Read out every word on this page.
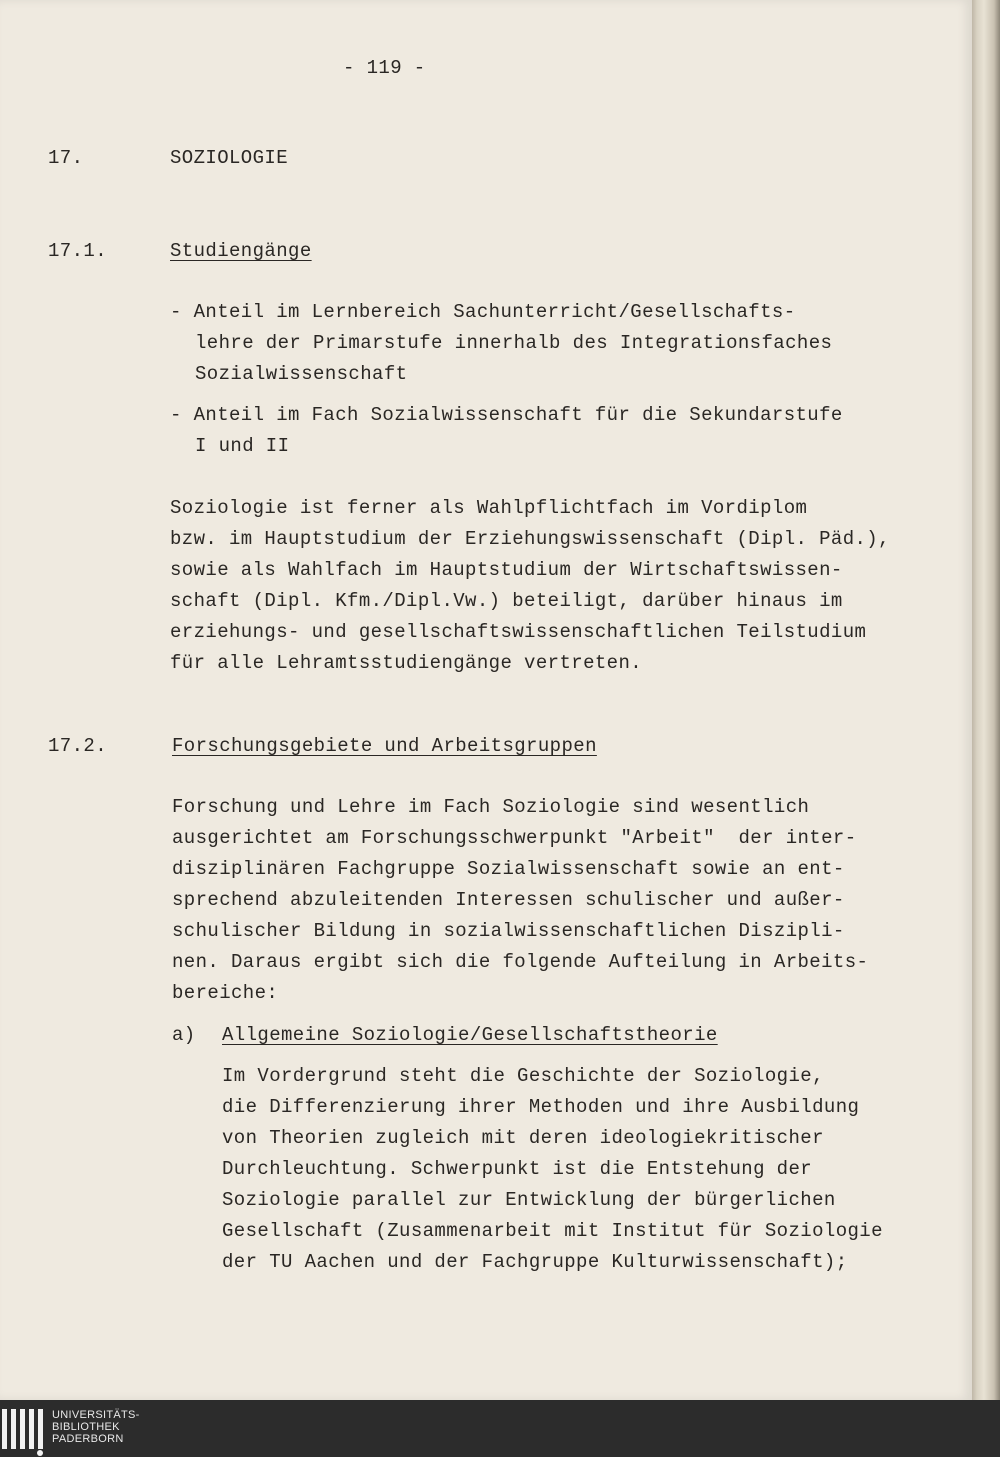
- 119 -
17.	SOZIOLOGIE
17.1.	Studiengänge
- Anteil im Lernbereich Sachunterricht/Gesellschafts-
lehre der Primarstufe innerhalb des Integrationsfaches
Sozialwissenschaft
- Anteil im Fach Sozialwissenschaft für die Sekundarstufe
I und II
Soziologie ist ferner als Wahlpflichtfach im Vordiplom
bzw. im Hauptstudium der Erziehungswissenschaft (Dipl. Päd.),
sowie als Wahlfach im Hauptstudium der Wirtschaftswissen-
schaft (Dipl. Kfm./Dipl.Vw.) beteiligt, darüber hinaus im
erziehungs- und gesellschaftswissenschaftlichen Teilstudium
für alle Lehramtsstudiengänge vertreten.
17.2.	Forschungsgebiete und Arbeitsgruppen
Forschung und Lehre im Fach Soziologie sind wesentlich
ausgerichtet am Forschungsschwerpunkt "Arbeit"  der inter-
disziplinären Fachgruppe Sozialwissenschaft sowie an ent-
sprechend abzuleitenden Interessen schulischer und außer-
schulischer Bildung in sozialwissenschaftlichen Diszipli-
nen. Daraus ergibt sich die folgende Aufteilung in Arbeits-
bereiche:
a) Allgemeine Soziologie/Gesellschaftstheorie
Im Vordergrund steht die Geschichte der Soziologie,
die Differenzierung ihrer Methoden und ihre Ausbildung
von Theorien zugleich mit deren ideologiekritischer
Durchleuchtung. Schwerpunkt ist die Entstehung der
Soziologie parallel zur Entwicklung der bürgerlichen
Gesellschaft (Zusammenarbeit mit Institut für Soziologie
der TU Aachen und der Fachgruppe Kulturwissenschaft);
UNIVERSITÄTS-
BIBLIOTHEK
PADERBORN
